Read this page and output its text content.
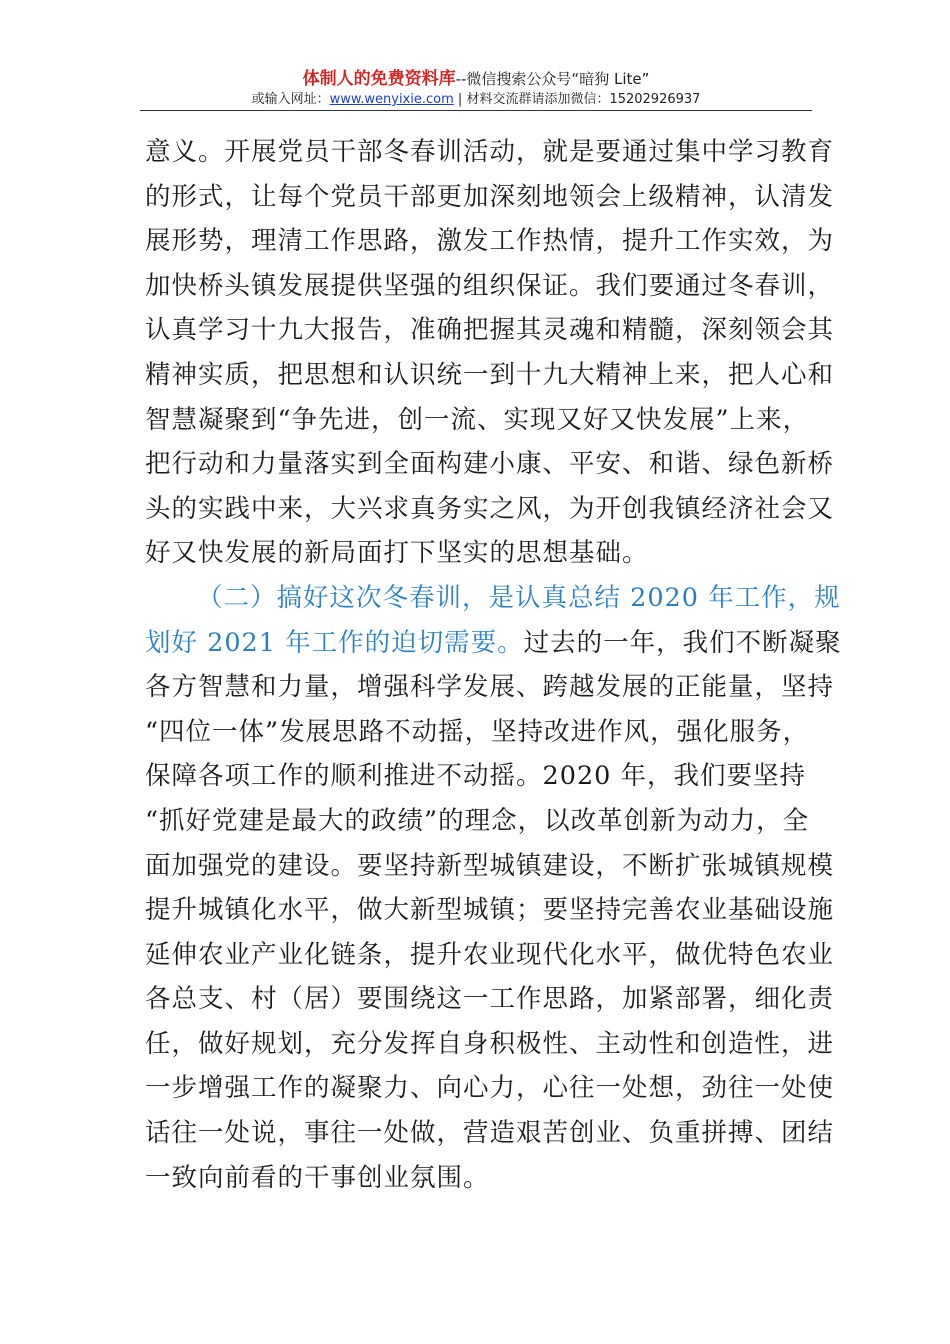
体制人的免费资料库--微信搜索公众号“暗狗 Lite”
或输入网址：www.wenyixie.com | 材料交流群请添加微信：15202926937
意义。开展党员干部冬春训活动，就是要通过集中学习教育
的形式，让每个党员干部更加深刻地领会上级精神，认清发
展形势，理清工作思路，激发工作热情，提升工作实效，为
加快桥头镇发展提供坚强的组织保证。我们要通过冬春训，
认真学习十九大报告，准确把握其灵魂和精髓，深刻领会其
精神实质，把思想和认识统一到十九大精神上来，把人心和
智慧凝聚到“争先进，创一流、实现又好又快发展”上来，
把行动和力量落实到全面构建小康、平安、和谐、绿色新桥
头的实践中来，大兴求真务实之风，为开创我镇经济社会又
好又快发展的新局面打下坚实的思想基础。
（二）搞好这次冬春训，是认真总结 2020 年工作，规
划好 2021 年工作的迫切需要。过去的一年，我们不断凝聚
各方智慧和力量，增强科学发展、跨越发展的正能量，坚持
“四位一体”发展思路不动摇，坚持改进作风，强化服务，
保障各项工作的顺利推进不动摇。2020 年，我们要坚持
“抓好党建是最大的政绩”的理念，以改革创新为动力，全
面加强党的建设。要坚持新型城镇建设，不断扩张城镇规模
提升城镇化水平，做大新型城镇；要坚持完善农业基础设施
延伸农业产业化链条，提升农业现代化水平，做优特色农业
各总支、村（居）要围绕这一工作思路，加紧部署，细化责
任，做好规划，充分发挥自身积极性、主动性和创造性，进
一步增强工作的凝聚力、向心力，心往一处想，劲往一处使
话往一处说，事往一处做，营造艰苦创业、负重拼搏、团结
一致向前看的干事创业氛围。
